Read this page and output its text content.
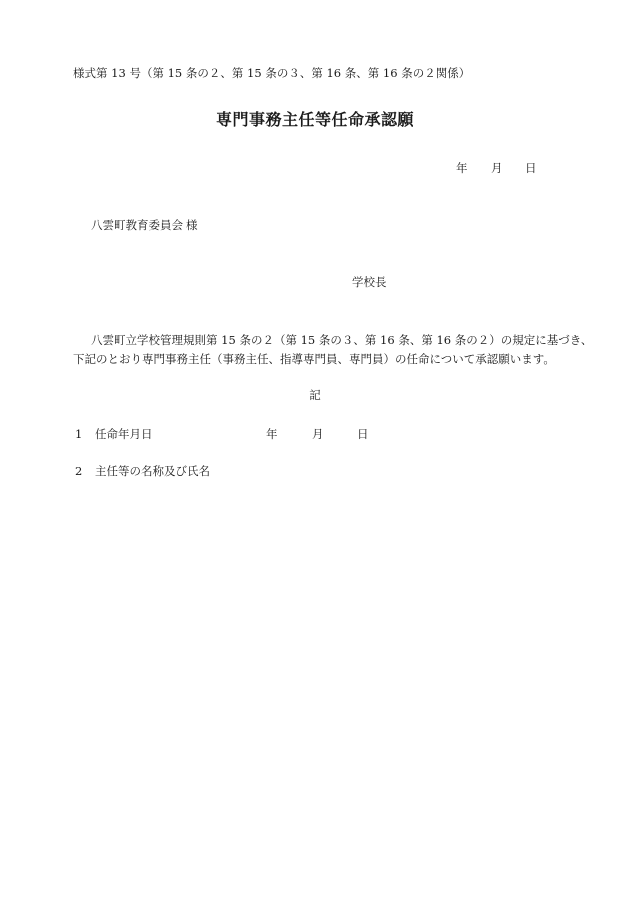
様式第 13 号（第 15 条の２、第 15 条の３、第 16 条、第 16 条の２関係）
専門事務主任等任命承認願
年 月 日
八雲町教育委員会 様
学校長
八雲町立学校管理規則第 15 条の２（第 15 条の３、第 16 条、第 16 条の２）の規定に基づき、
下記のとおり専門事務主任（事務主任、指導専門員、専門員）の任命について承認願います。
記
1 任命年月日	年	月	日
2 主任等の名称及び氏名
